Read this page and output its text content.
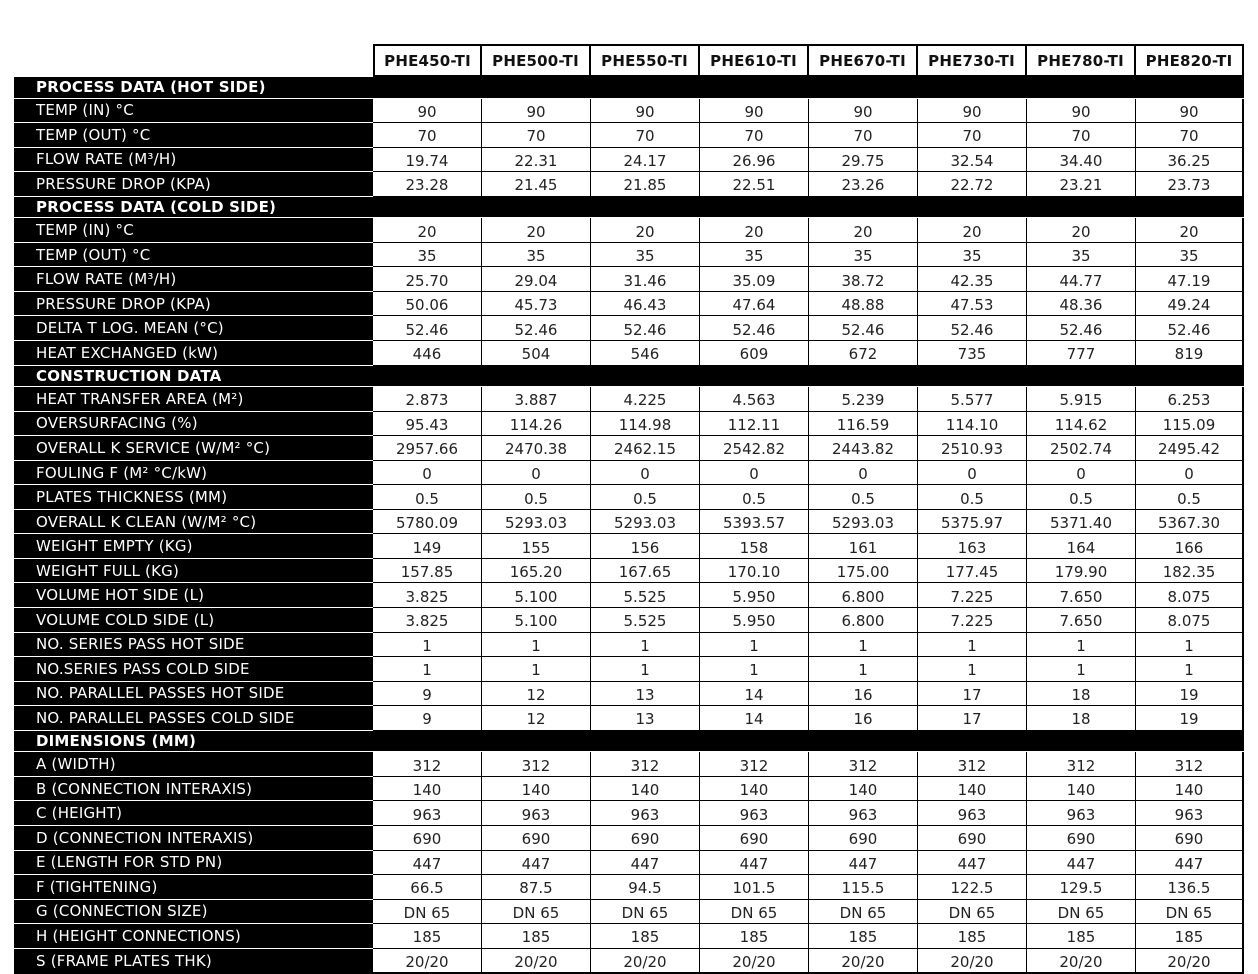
	PHE450-TI	PHE500-TI	PHE550-TI	PHE610-TI	PHE670-TI	PHE730-TI	PHE780-TI	PHE820-TI
PROCESS DATA (HOT SIDE)								
TEMP (IN) °C	90	90	90	90	90	90	90	90
TEMP (OUT) °C	70	70	70	70	70	70	70	70
FLOW RATE (M³/H)	19.74	22.31	24.17	26.96	29.75	32.54	34.40	36.25
PRESSURE DROP (KPA)	23.28	21.45	21.85	22.51	23.26	22.72	23.21	23.73
PROCESS DATA (COLD SIDE)								
TEMP (IN) °C	20	20	20	20	20	20	20	20
TEMP (OUT) °C	35	35	35	35	35	35	35	35
FLOW RATE (M³/H)	25.70	29.04	31.46	35.09	38.72	42.35	44.77	47.19
PRESSURE DROP (KPA)	50.06	45.73	46.43	47.64	48.88	47.53	48.36	49.24
DELTA T LOG. MEAN (°C)	52.46	52.46	52.46	52.46	52.46	52.46	52.46	52.46
HEAT EXCHANGED (kW)	446	504	546	609	672	735	777	819
CONSTRUCTION DATA								
HEAT TRANSFER AREA (M²)	2.873	3.887	4.225	4.563	5.239	5.577	5.915	6.253
OVERSURFACING (%)	95.43	114.26	114.98	112.11	116.59	114.10	114.62	115.09
OVERALL K SERVICE (W/M² °C)	2957.66	2470.38	2462.15	2542.82	2443.82	2510.93	2502.74	2495.42
FOULING F (M² °C/kW)	0	0	0	0	0	0	0	0
PLATES THICKNESS (MM)	0.5	0.5	0.5	0.5	0.5	0.5	0.5	0.5
OVERALL K CLEAN (W/M² °C)	5780.09	5293.03	5293.03	5393.57	5293.03	5375.97	5371.40	5367.30
WEIGHT EMPTY (KG)	149	155	156	158	161	163	164	166
WEIGHT FULL (KG)	157.85	165.20	167.65	170.10	175.00	177.45	179.90	182.35
VOLUME HOT SIDE (L)	3.825	5.100	5.525	5.950	6.800	7.225	7.650	8.075
VOLUME COLD SIDE (L)	3.825	5.100	5.525	5.950	6.800	7.225	7.650	8.075
NO. SERIES PASS HOT SIDE	1	1	1	1	1	1	1	1
NO.SERIES PASS COLD SIDE	1	1	1	1	1	1	1	1
NO. PARALLEL PASSES HOT SIDE	9	12	13	14	16	17	18	19
NO. PARALLEL PASSES COLD SIDE	9	12	13	14	16	17	18	19
DIMENSIONS (MM)								
A (WIDTH)	312	312	312	312	312	312	312	312
B (CONNECTION INTERAXIS)	140	140	140	140	140	140	140	140
C (HEIGHT)	963	963	963	963	963	963	963	963
D (CONNECTION INTERAXIS)	690	690	690	690	690	690	690	690
E (LENGTH FOR STD PN)	447	447	447	447	447	447	447	447
F (TIGHTENING)	66.5	87.5	94.5	101.5	115.5	122.5	129.5	136.5
G (CONNECTION SIZE)	DN 65	DN 65	DN 65	DN 65	DN 65	DN 65	DN 65	DN 65
H (HEIGHT CONNECTIONS)	185	185	185	185	185	185	185	185
S (FRAME PLATES THK)	20/20	20/20	20/20	20/20	20/20	20/20	20/20	20/20
